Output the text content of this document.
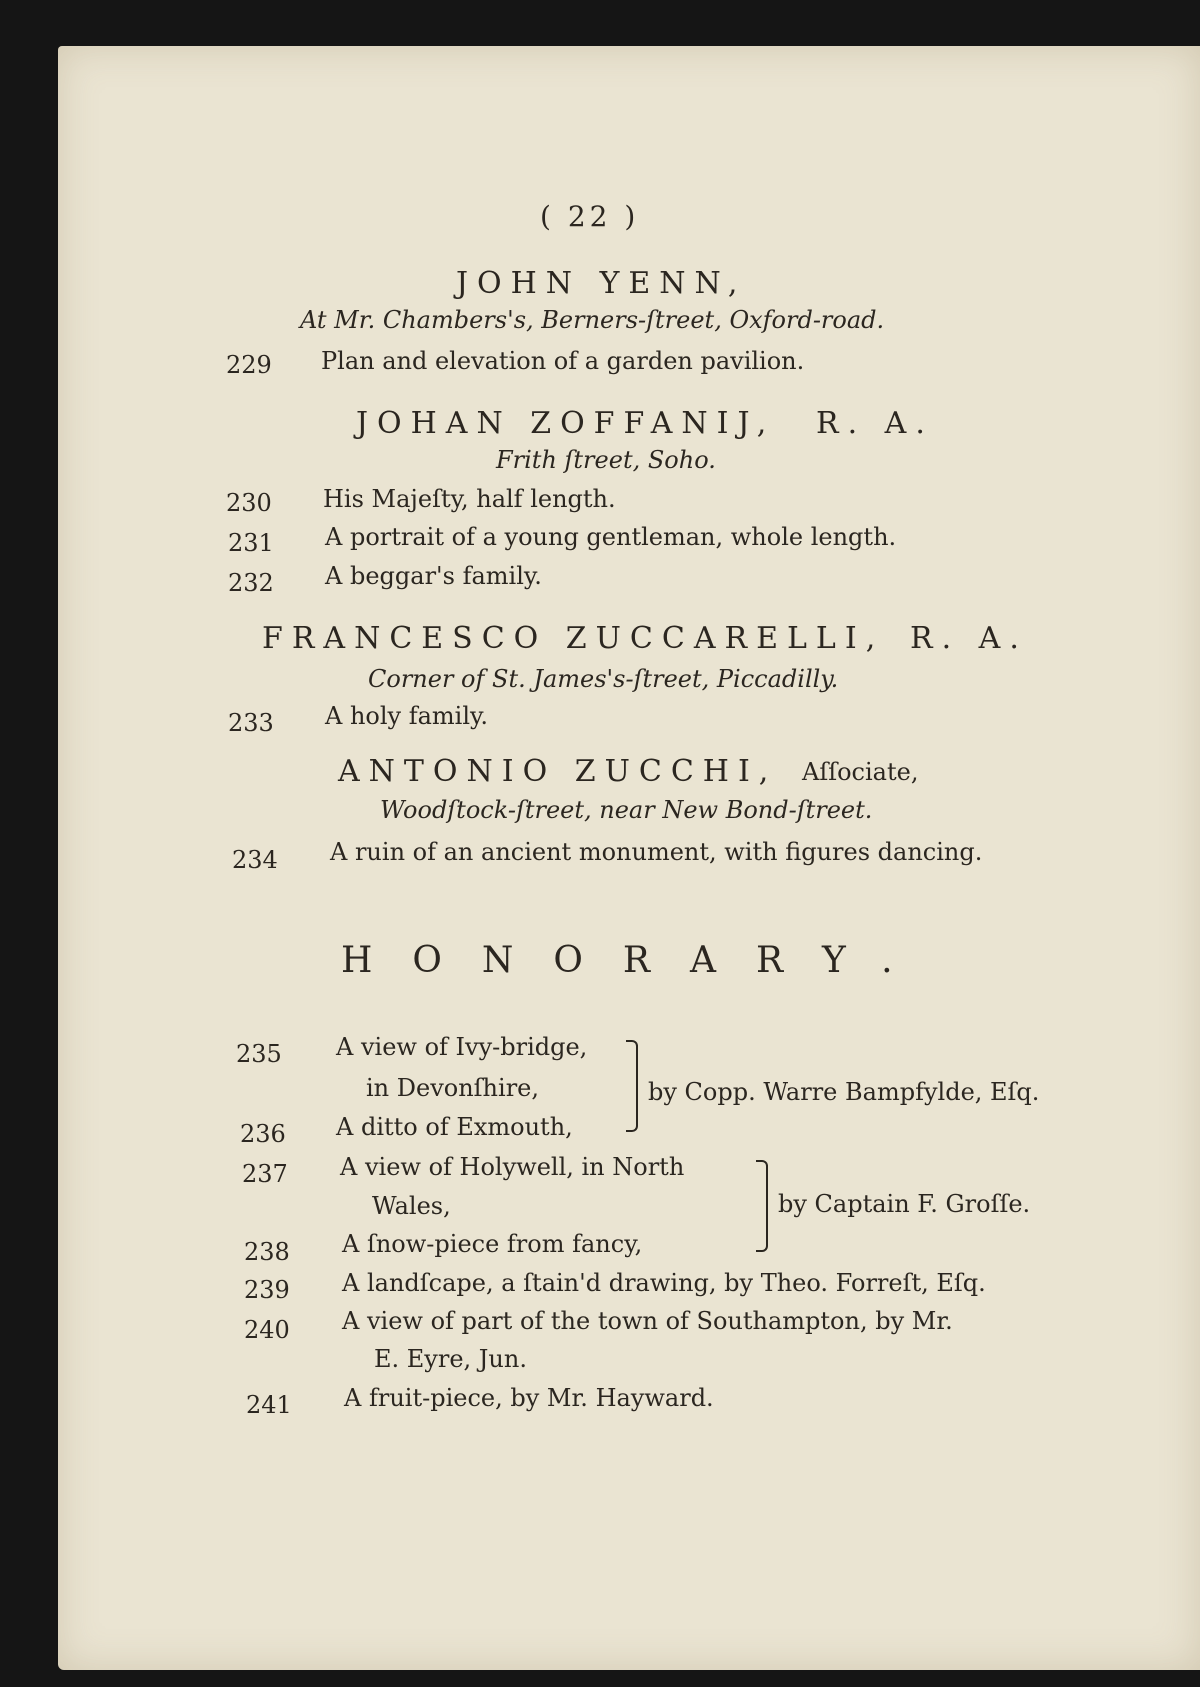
( 22 )
JOHN YENN,
At Mr. Chambers's, Berners-ſtreet, Oxford-road.
229 Plan and elevation of a garden pavilion.
JOHAN ZOFFANIJ, R. A.
Frith ſtreet, Soho.
230 His Majeſty, half length.
231 A portrait of a young gentleman, whole length.
232 A beggar's family.
FRANCESCO ZUCCARELLI, R. A.
Corner of St. James's-ſtreet, Piccadilly.
233 A holy family.
ANTONIO ZUCCHI, Aſſociate,
Woodſtock-ſtreet, near New Bond-ſtreet.
234 A ruin of an ancient monument, with figures dancing.
HONORARY.
235 A view of Ivy-bridge,
in Devonſhire,
236 A ditto of Exmouth,
by Copp. Warre Bampfylde, Eſq.
237 A view of Holywell, in North
Wales,
238 A ſnow-piece from fancy,
by Captain F. Groſſe.
239 A landſcape, a ſtain'd drawing, by Theo. Forreſt, Eſq.
240 A view of part of the town of Southampton, by Mr.
E. Eyre, Jun.
241 A fruit-piece, by Mr. Hayward.
